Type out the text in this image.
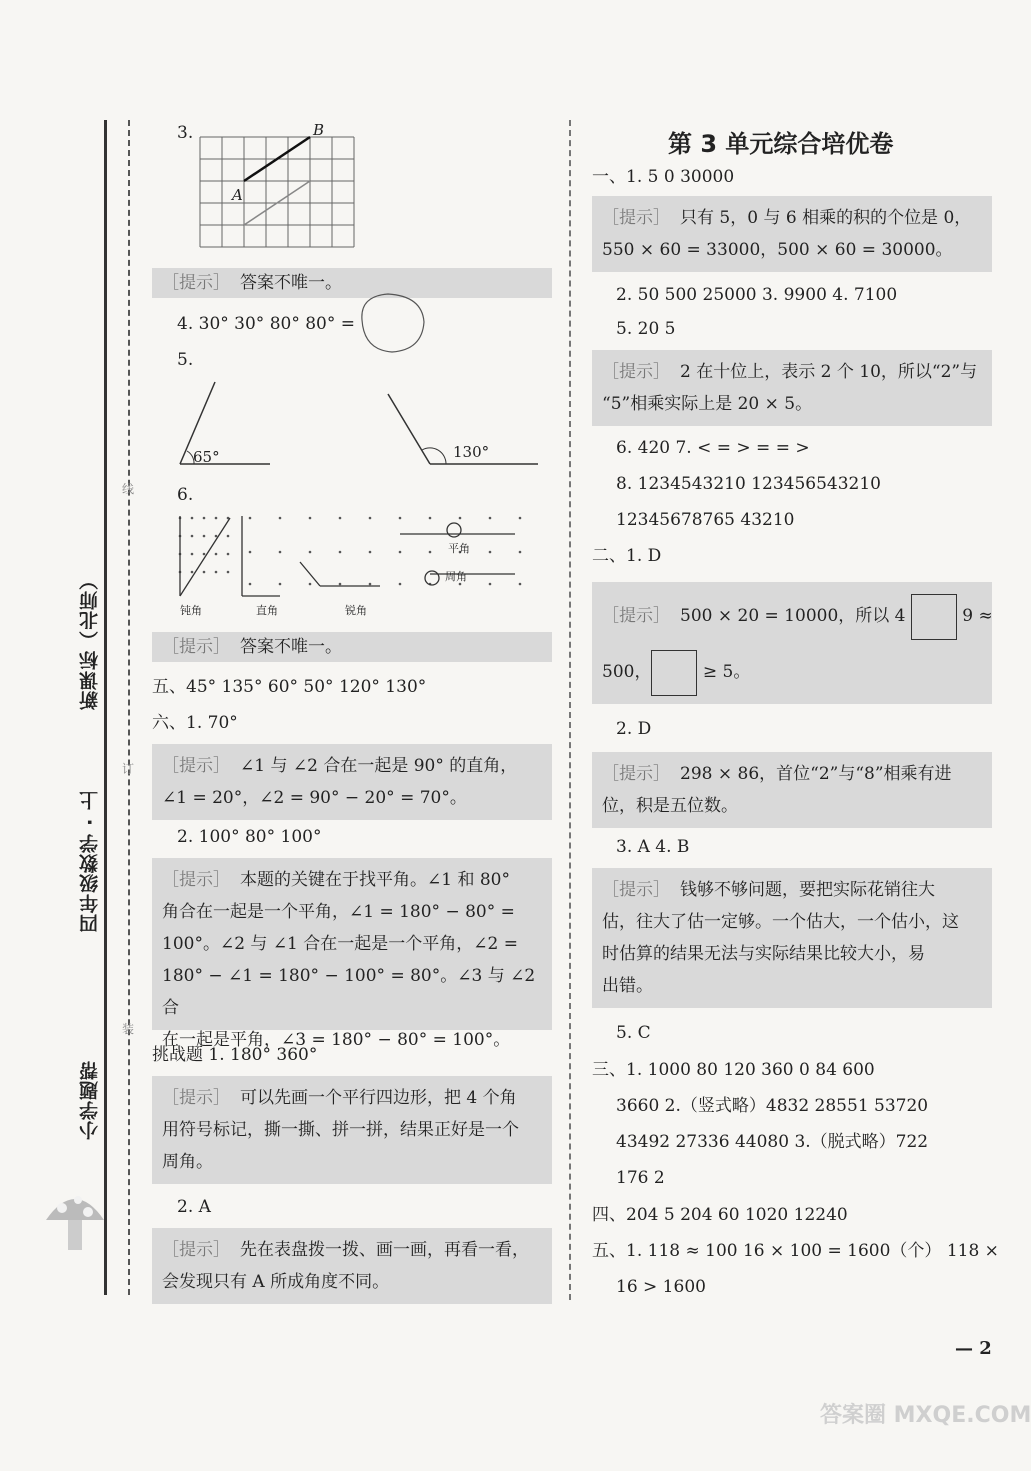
小学题帮
四年级数学 · 上
新课标（北师）
装
订
线
3.
A
B
［提示］ 答案不唯一。
4. 30° 30° 80° 80° =
5.
65°	130°
6.
钝角	直角	锐角
平角
周角
［提示］ 答案不唯一。
五、45° 135° 60° 50° 120° 130°
六、1. 70°
［提示］ ∠1 与 ∠2 合在一起是 90° 的直角，
∠1 = 20°，∠2 = 90° − 20° = 70°。
2. 100° 80° 100°
［提示］ 本题的关键在于找平角。∠1 和 80°
角合在一起是一个平角，∠1 = 180° − 80° =
100°。∠2 与 ∠1 合在一起是一个平角，∠2 =
180° − ∠1 = 180° − 100° = 80°。∠3 与 ∠2 合
在一起是平角，∠3 = 180° − 80° = 100°。
挑战题 1. 180° 360°
［提示］ 可以先画一个平行四边形，把 4 个角
用符号标记，撕一撕、拼一拼，结果正好是一个
周角。
2. A
［提示］ 先在表盘拨一拨、画一画，再看一看，
会发现只有 A 所成角度不同。
第 3 单元综合培优卷
一、1. 5 0 30000
［提示］ 只有 5，0 与 6 相乘的积的个位是 0，
550 × 60 = 33000，500 × 60 = 30000。
2. 50 500 25000 3. 9900 4. 7100
5. 20 5
［提示］ 2 在十位上，表示 2 个 10，所以“2”与
“5”相乘实际上是 20 × 5。
6. 420 7. < = > = = >
8. 1234543210 123456543210
12345678765 43210
二、1. D
［提示］ 500 × 20 = 10000，所以 4	9 ≈
500，	≥ 5。
2. D
［提示］ 298 × 86，首位“2”与“8”相乘有进
位，积是五位数。
3. A 4. B
［提示］ 钱够不够问题，要把实际花销往大
估，往大了估一定够。一个估大，一个估小，这
时估算的结果无法与实际结果比较大小，易
出错。
5. C
三、1. 1000 80 120 360 0 84 600
3660 2.（竖式略）4832 28551 53720
43492 27336 44080 3.（脱式略）722
176 2
四、204 5 204 60 1020 12240
五、1. 118 ≈ 100 16 × 100 = 1600（个） 118 ×
16 > 1600
— 2
答案圈 MXQE.COM
